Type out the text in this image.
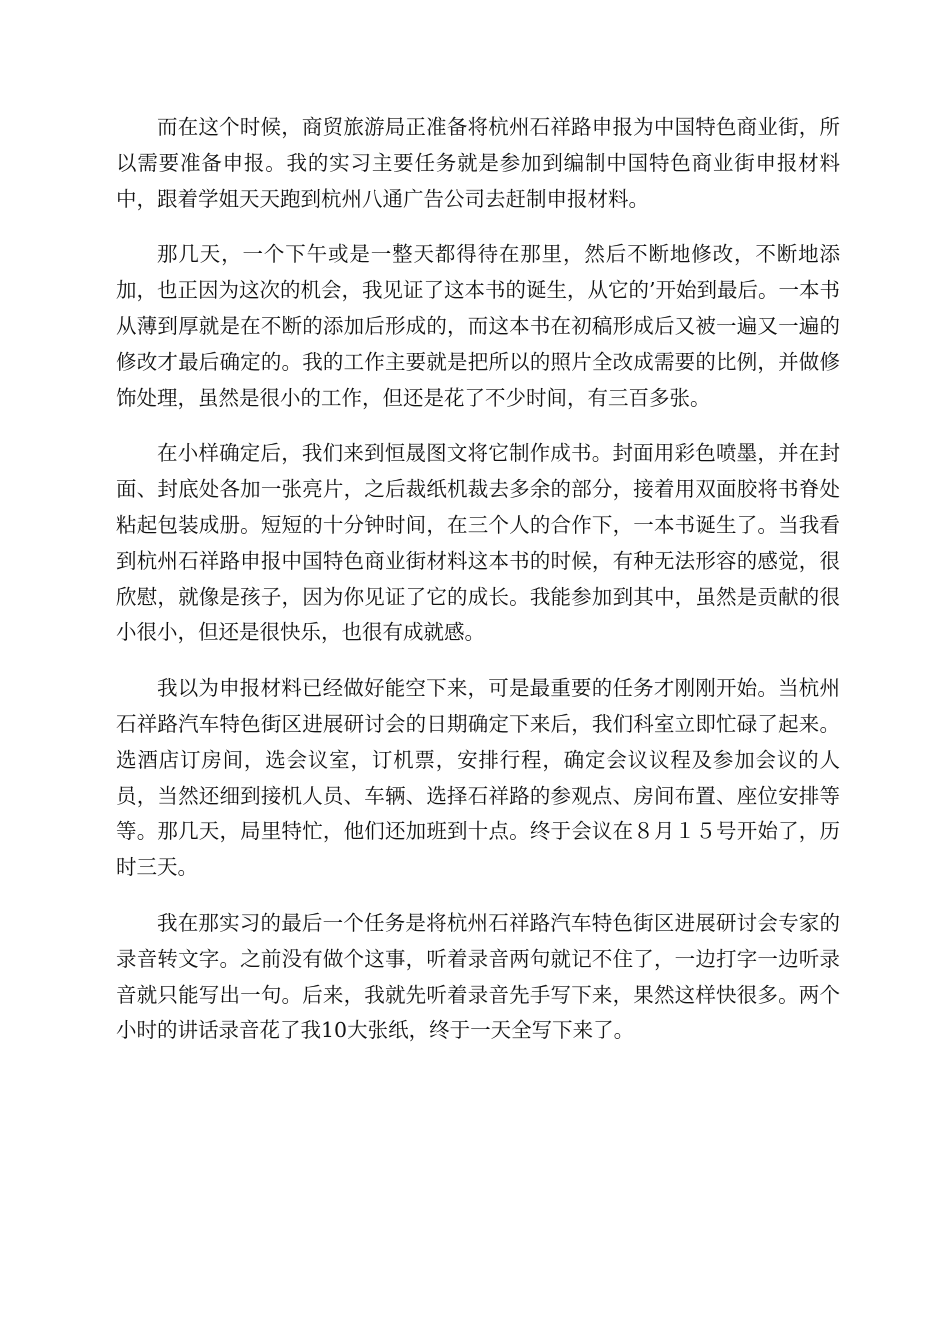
而在这个时候，商贸旅游局正准备将杭州石祥路申报为中国特色商业街，所以需要准备申报。我的实习主要任务就是参加到编制中国特色商业街申报材料中，跟着学姐天天跑到杭州八通广告公司去赶制申报材料。

那几天，一个下午或是一整天都得待在那里，然后不断地修改，不断地添加，也正因为这次的机会，我见证了这本书的诞生，从它的’开始到最后。一本书从薄到厚就是在不断的添加后形成的，而这本书在初稿形成后又被一遍又一遍的修改才最后确定的。我的工作主要就是把所以的照片全改成需要的比例，并做修饰处理，虽然是很小的工作，但还是花了不少时间，有三百多张。

在小样确定后，我们来到恒晟图文将它制作成书。封面用彩色喷墨，并在封面、封底处各加一张亮片，之后裁纸机裁去多余的部分，接着用双面胶将书脊处粘起包装成册。短短的十分钟时间，在三个人的合作下，一本书诞生了。当我看到杭州石祥路申报中国特色商业街材料这本书的时候，有种无法形容的感觉，很欣慰，就像是孩子，因为你见证了它的成长。我能参加到其中，虽然是贡献的很小很小，但还是很快乐，也很有成就感。

我以为申报材料已经做好能空下来，可是最重要的任务才刚刚开始。当杭州石祥路汽车特色街区进展研讨会的日期确定下来后，我们科室立即忙碌了起来。选酒店订房间，选会议室，订机票，安排行程，确定会议议程及参加会议的人员，当然还细到接机人员、车辆、选择石祥路的参观点、房间布置、座位安排等等。那几天，局里特忙，他们还加班到十点。终于会议在８月１５号开始了，历时三天。

我在那实习的最后一个任务是将杭州石祥路汽车特色街区进展研讨会专家的录音转文字。之前没有做个这事，听着录音两句就记不住了，一边打字一边听录音就只能写出一句。后来，我就先听着录音先手写下来，果然这样快很多。两个小时的讲话录音花了我10大张纸，终于一天全写下来了。
